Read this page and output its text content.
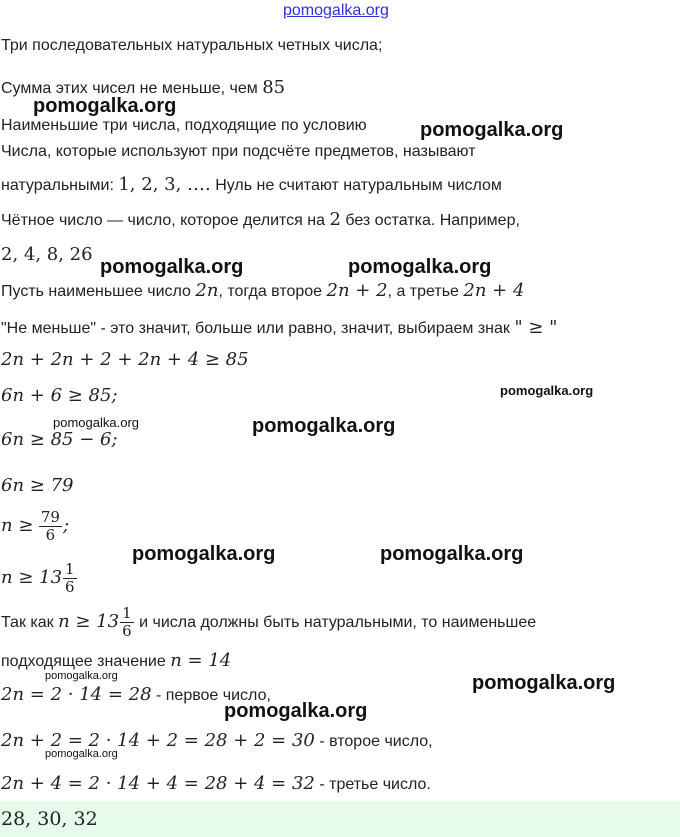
pomogalka.org
Три последовательных натуральных четных числа;
Сумма этих чисел не меньше, чем 85
Наименьшие три числа, подходящие по условию
Числа, которые используют при подсчёте предметов, называют
натуральными: 1, 2, 3, …. Нуль не считают натуральным числом
Чётное число — число, которое делится на 2 без остатка. Например,
2, 4, 8, 26
Пусть наименьшее число 2n, тогда второе 2n + 2, а третье 2n + 4
"Не меньше" - это значит, больше или равно, значит, выбираем знак " ≥ "
2n + 2n + 2 + 2n + 4 ≥ 85
6n + 6 ≥ 85;
6n ≥ 85 − 6;
6n ≥ 79
$n \ge \frac{79}{6}$ ;
$n \ge 13 \frac{1}{6}$
Так как $n \ge 13 \frac{1}{6}$ и числа должны быть натуральными, то наименьшее
подходящее значение n = 14
2n = 2 · 14 = 28 - первое число,
2n + 2 = 2 · 14 + 2 = 28 + 2 = 30 - второе число,
2n + 4 = 2 · 14 + 4 = 28 + 4 = 32 - третье число.
28, 30, 32
pomogalka.org
pomogalka.org
pomogalka.org	pomogalka.org
pomogalka.org
pomogalka.org	pomogalka.org
pomogalka.org	pomogalka.org
pomogalka.org	pomogalka.org
pomogalka.org
pomogalka.org
